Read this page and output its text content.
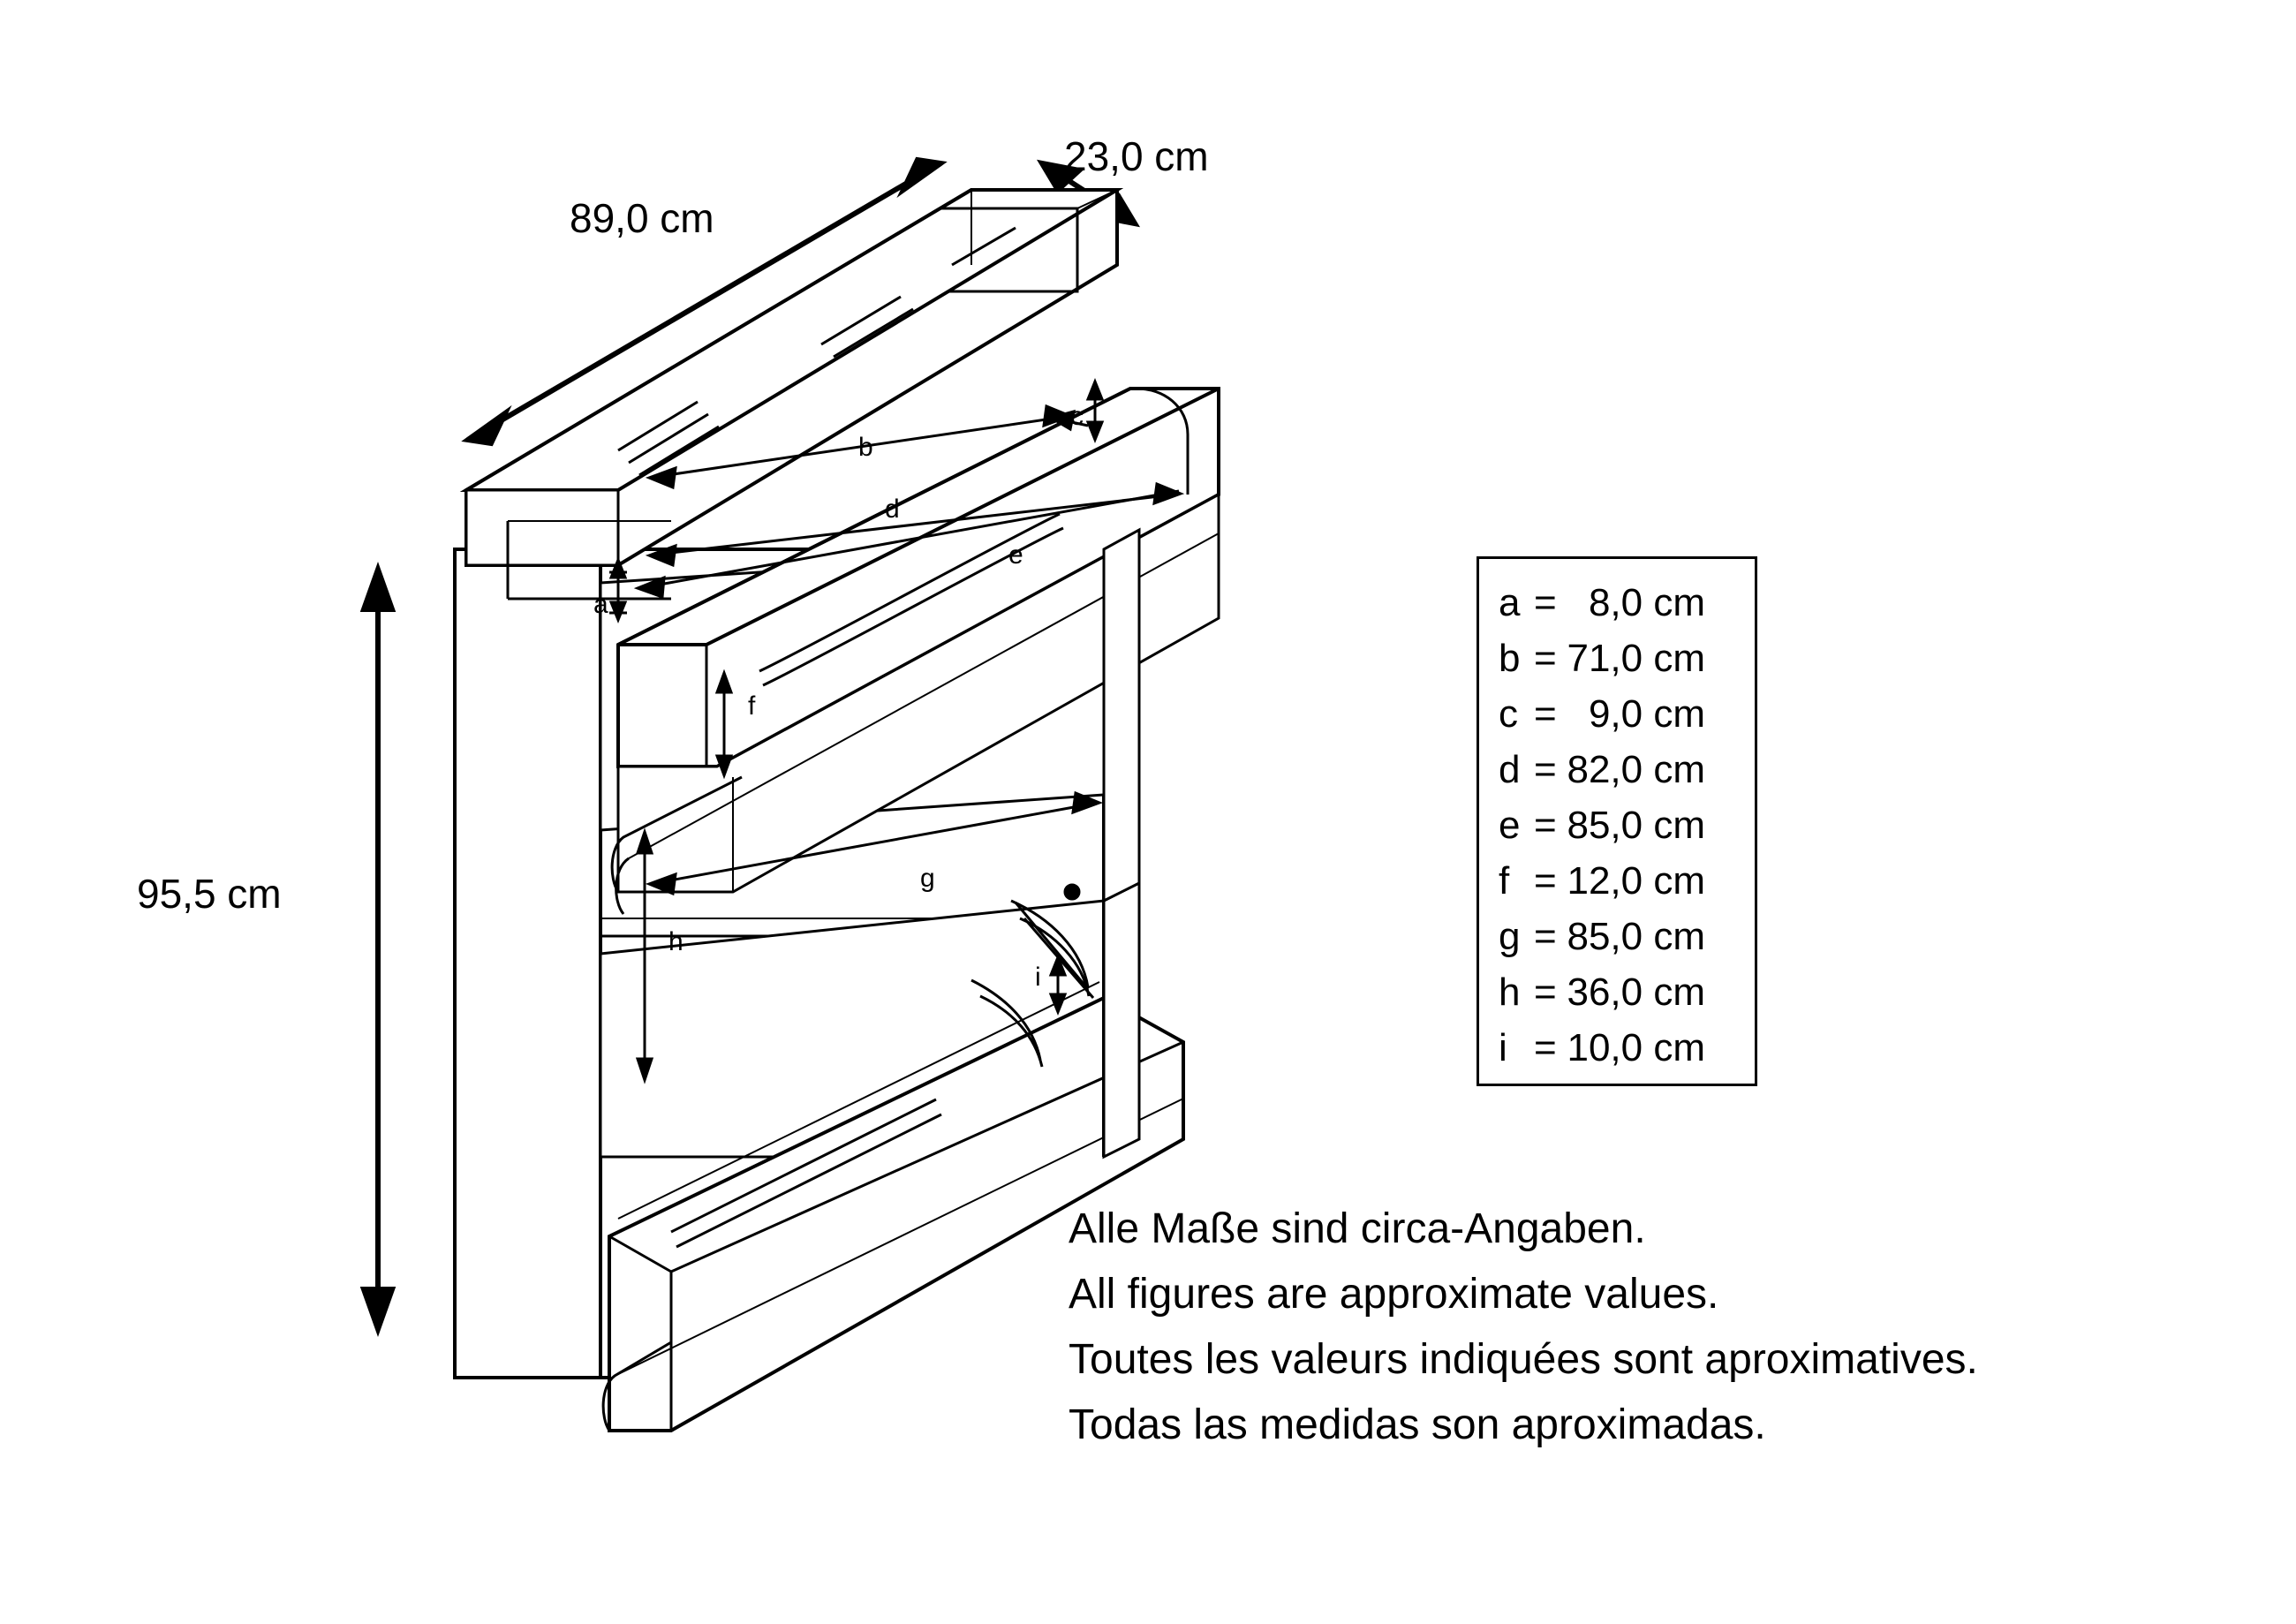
89,0 cm
23,0 cm
95,5 cm
a
b
c
d
e
f
g
h
i
a = 8,0 cm
b = 71,0 cm
c = 9,0 cm
d = 82,0 cm
e = 85,0 cm
f = 12,0 cm
g = 85,0 cm
h = 36,0 cm
i = 10,0 cm
Alle Maße sind circa-Angaben.
All figures are approximate values.
Toutes les valeurs indiquées sont aproximatives.
Todas las medidas son aproximadas.
